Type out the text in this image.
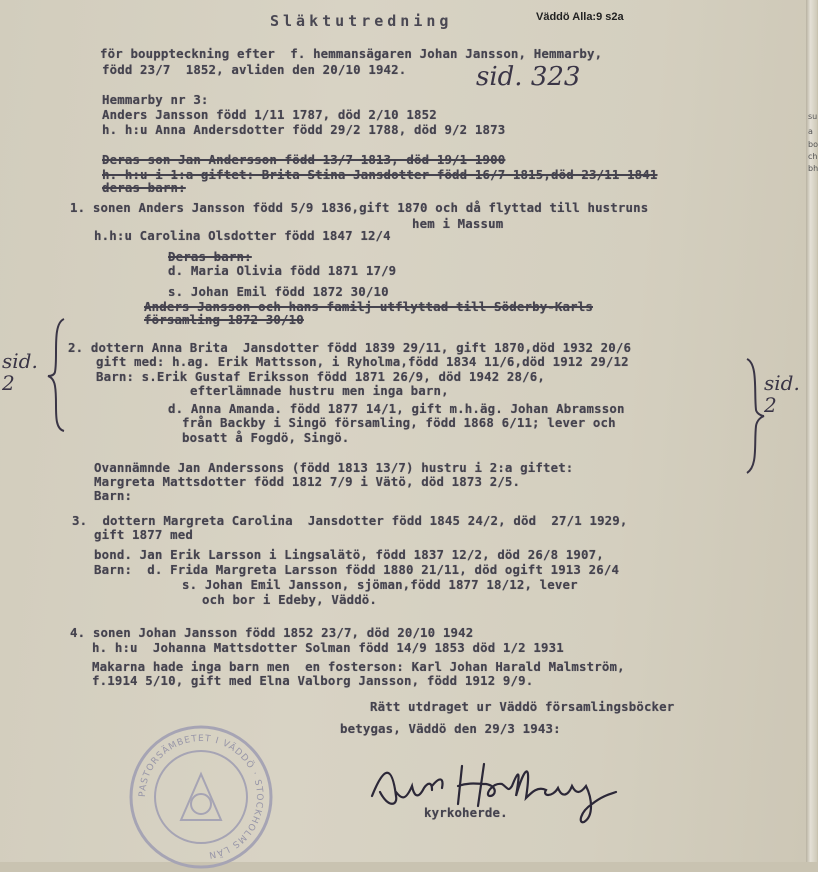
Släktutredning	Väddö Alla:9 s2a
för bouppteckning efter  f. hemmansägaren Johan Jansson, Hemmarby,
född 23/7  1852, avliden den 20/10 1942.
Hemmarby nr 3:
Anders Jansson född 1/11 1787, död 2/10 1852
h. h:u Anna Andersdotter född 29/2 1788, död 9/2 1873
Deras son Jan Andersson född 13/7 1813, död 19/1 1900
h. h:u i 1:a giftet: Brita Stina Jansdotter född 16/7 1815,död 23/11 1841
deras barn:
1. sonen Anders Jansson född 5/9 1836,gift 1870 och då flyttad till hustruns
hem i Massum
h.h:u Carolina Olsdotter född 1847 12/4
Deras barn:
d. Maria Olivia född 1871 17/9
s. Johan Emil född 1872 30/10
Anders Jansson och hans familj utflyttad till Söderby-Karls
församling 1872 30/10
2. dottern Anna Brita  Jansdotter född 1839 29/11, gift 1870,död 1932 20/6
gift med: h.ag. Erik Mattsson, i Ryholma,född 1834 11/6,död 1912 29/12
Barn: s.Erik Gustaf Eriksson född 1871 26/9, död 1942 28/6,
efterlämnade hustru men inga barn,
d. Anna Amanda. född 1877 14/1, gift m.h.äg. Johan Abramsson
från Backby i Singö församling, född 1868 6/11; lever och
bosatt å Fogdö, Singö.
Ovannämnde Jan Anderssons (född 1813 13/7) hustru i 2:a giftet:
Margreta Mattsdotter född 1812 7/9 i Vätö, död 1873 2/5.
Barn:
3.  dottern Margreta Carolina  Jansdotter född 1845 24/2, död  27/1 1929,
gift 1877 med
bond. Jan Erik Larsson i Lingsalätö, född 1837 12/2, död 26/8 1907,
Barn:  d. Frida Margreta Larsson född 1880 21/11, död ogift 1913 26/4
s. Johan Emil Jansson, sjöman,född 1877 18/12, lever
och bor i Edeby, Väddö.
4. sonen Johan Jansson född 1852 23/7, död 20/10 1942
h. h:u  Johanna Mattsdotter Solman född 14/9 1853 död 1/2 1931
Makarna hade inga barn men  en fosterson: Karl Johan Harald Malmström,
f.1914 5/10, gift med Elna Valborg Jansson, född 1912 9/9.
Rätt utdraget ur Väddö församlingsböcker
betygas, Väddö den 29/3 1943:
kyrkoherde.
sid. 323
sid. 2	sid. 2
PASTORSÄMBETET I VÄDDÖ · STOCKHOLMS LÄN
Aurel Hallenberg
su
a
bo
ch
bh
